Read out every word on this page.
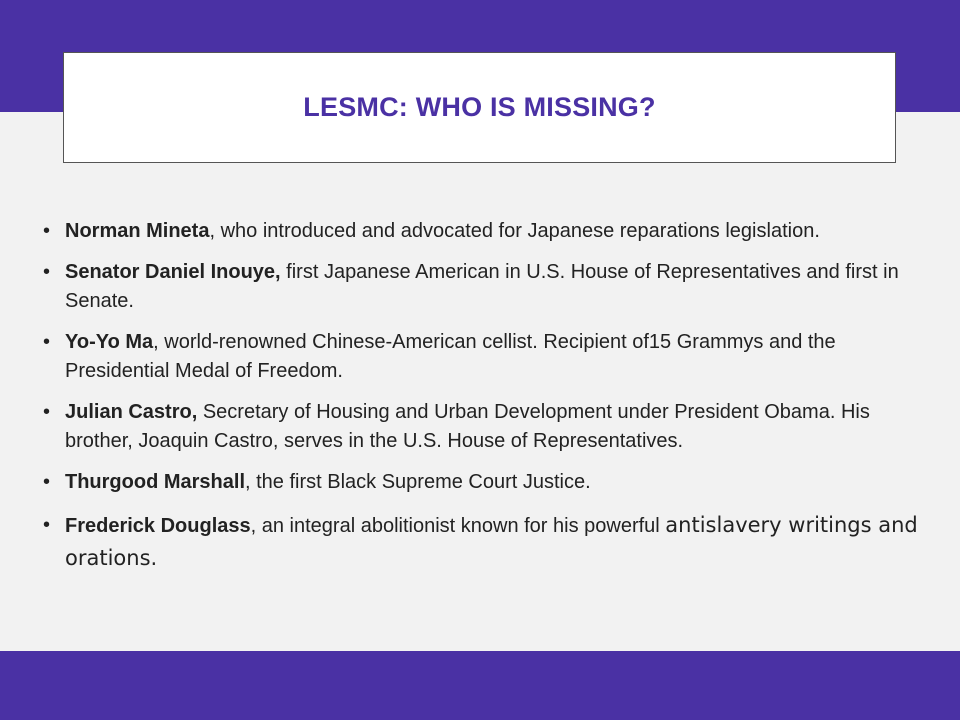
LESMC: WHO IS MISSING?
• Norman Mineta, who introduced and advocated for Japanese reparations legislation.
• Senator Daniel Inouye, first Japanese American in U.S. House of Representatives and first in Senate.
• Yo-Yo Ma, world-renowned Chinese-American cellist. Recipient of15 Grammys and the Presidential Medal of Freedom.
• Julian Castro, Secretary of Housing and Urban Development under President Obama. His brother, Joaquin Castro, serves in the U.S. House of Representatives.
• Thurgood Marshall, the first Black Supreme Court Justice.
• Frederick Douglass, an integral abolitionist known for his powerful antislavery writings and orations.
